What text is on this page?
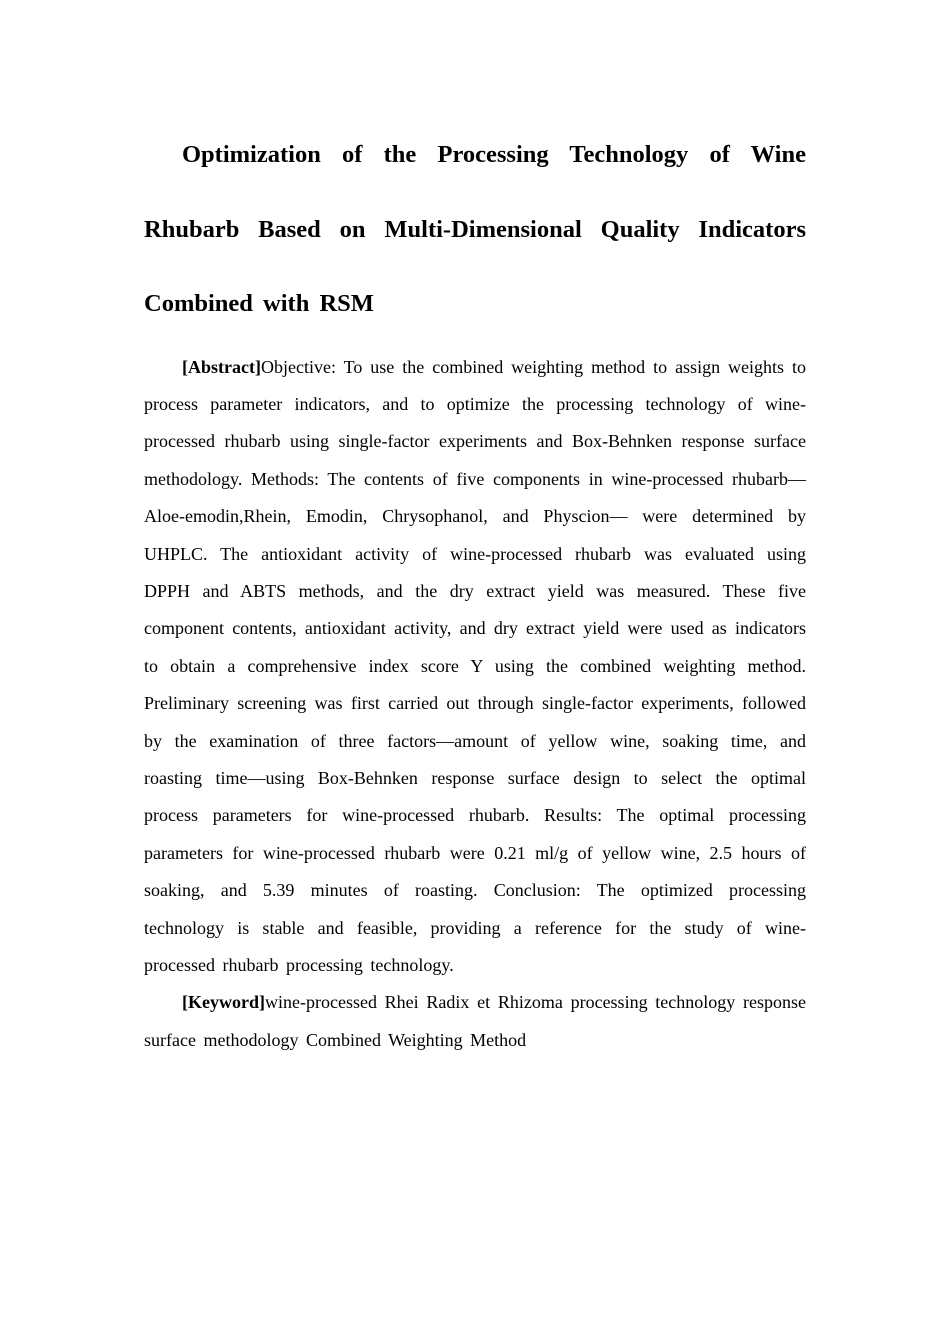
Optimization of the Processing Technology of Wine Rhubarb Based on Multi-Dimensional Quality Indicators Combined with RSM

[Abstract]Objective: To use the combined weighting method to assign weights to process parameter indicators, and to optimize the processing technology of wine-processed rhubarb using single-factor experiments and Box-Behnken response surface methodology. Methods: The contents of five components in wine-processed rhubarb— Aloe-emodin,Rhein, Emodin, Chrysophanol, and Physcion— were determined by UHPLC. The antioxidant activity of wine-processed rhubarb was evaluated using DPPH and ABTS methods, and the dry extract yield was measured. These five component contents, antioxidant activity, and dry extract yield were used as indicators to obtain a comprehensive index score Y using the combined weighting method. Preliminary screening was first carried out through single-factor experiments, followed by the examination of three factors—amount of yellow wine, soaking time, and roasting time—using Box-Behnken response surface design to select the optimal process parameters for wine-processed rhubarb. Results: The optimal processing parameters for wine-processed rhubarb were 0.21 ml/g of yellow wine, 2.5 hours of soaking, and 5.39 minutes of roasting. Conclusion: The optimized processing technology is stable and feasible, providing a reference for the study of wine-processed rhubarb processing technology.

[Keyword]wine-processed Rhei Radix et Rhizoma processing technology response surface methodology Combined Weighting Method
